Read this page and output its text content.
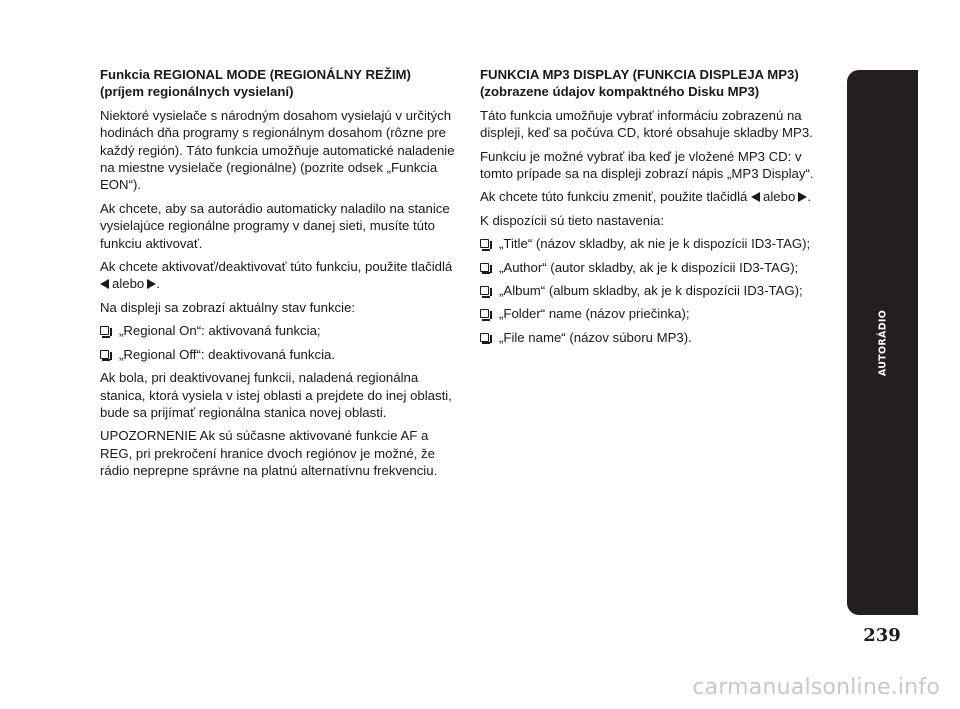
Funkcia REGIONAL MODE (REGIONÁLNY REŽIM)
(príjem regionálnych vysielaní)

Niektoré vysielače s národným dosahom vysielajú v určitých hodinách dňa programy s regionálnym dosahom (rôzne pre každý región). Táto funkcia umožňuje automatické naladenie na miestne vysielače (regionálne) (pozrite odsek „Funkcia EON“).

Ak chcete, aby sa autorádio automaticky naladilo na stanice vysielajúce regionálne programy v danej sieti, musíte túto funkciu aktivovať.

Ak chcete aktivovať/deaktivovať túto funkciu, použite tlačidlá
alebo .

Na displeji sa zobrazí aktuálny stav funkcie:

„Regional On“: aktivovaná funkcia;
„Regional Off“: deaktivovaná funkcia.

Ak bola, pri deaktivovanej funkcii, naladená regionálna stanica, ktorá vysiela v istej oblasti a prejdete do inej oblasti, bude sa prijímať regionálna stanica novej oblasti.

UPOZORNENIE Ak sú súčasne aktivované funkcie AF a REG, pri prekročení hranice dvoch regiónov je možné, že rádio neprepne správne na platnú alternatívnu frekvenciu.

FUNKCIA MP3 DISPLAY (FUNKCIA DISPLEJA MP3)
(zobrazene údajov kompaktného Disku MP3)

Táto funkcia umožňuje vybrať informáciu zobrazenú na displeji, keď sa počúva CD, ktoré obsahuje skladby MP3.

Funkciu je možné vybrať iba keď je vložené MP3 CD: v tomto prípade sa na displeji zobrazí nápis „MP3 Display“.

Ak chcete túto funkciu zmeniť, použite tlačidlá alebo .

K dispozícii sú tieto nastavenia:

„Title“ (názov skladby, ak nie je k dispozícii ID3-TAG);
„Author“ (autor skladby, ak je k dispozícii ID3-TAG);
„Album“ (album skladby, ak je k dispozícii ID3-TAG);
„Folder“ name (názov priečinka);
„File name“ (názov súboru MP3).	AUTORÁDIO
239
carmanualsonline.info
